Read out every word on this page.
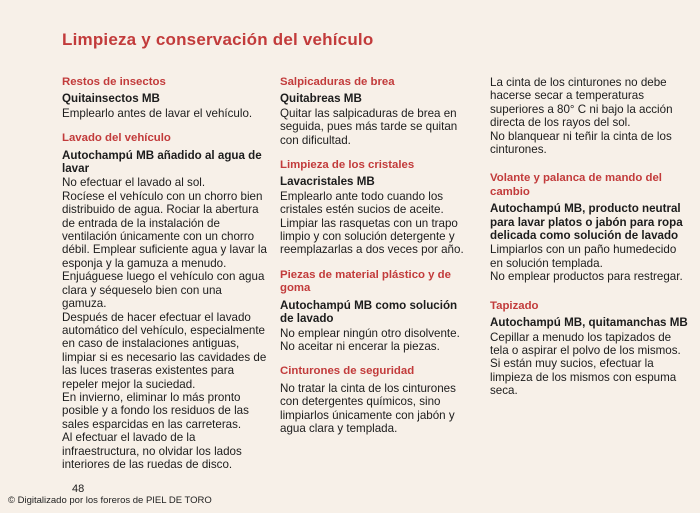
Limpieza y conservación del vehículo
Restos de insectos
Quitainsectos MB
Emplearlo antes de lavar el vehículo.
Lavado del vehículo
Autochampú MB añadido al agua de lavar
No efectuar el lavado al sol.
Rocíese el vehículo con un chorro bien distribuido de agua. Rociar la abertura de entrada de la instalación de ventilación únicamente con un chorro débil. Emplear suficiente agua y lavar la esponja y la gamuza a menudo. Enjuáguese luego el vehículo con agua clara y séqueselo bien con una gamuza.
Después de hacer efectuar el lavado automático del vehículo, especialmente en caso de instalaciones antiguas, limpiar si es necesario las cavidades de las luces traseras existentes para repeler mejor la suciedad.
En invierno, eliminar lo más pronto posible y a fondo los residuos de las sales esparcidas en las carreteras.
Al efectuar el lavado de la infraestructura, no olvidar los lados interiores de las ruedas de disco.
Salpicaduras de brea
Quitabreas MB
Quitar las salpicaduras de brea en seguida, pues más tarde se quitan con dificultad.
Limpieza de los cristales
Lavacristales MB
Emplearlo ante todo cuando los cristales estén sucios de aceite. Limpiar las rasquetas con un trapo limpio y con solución detergente y reemplazarlas a dos veces por año.
Piezas de material plástico y de goma
Autochampú MB como solución de lavado
No emplear ningún otro disolvente.
No aceitar ni encerar la piezas.
Cinturones de seguridad
No tratar la cinta de los cinturones con detergentes químicos, sino limpiarlos únicamente con jabón y agua clara y templada.
La cinta de los cinturones no debe hacerse secar a temperaturas superiores a 80° C ni bajo la acción directa de los rayos del sol.
No blanquear ni teñir la cinta de los cinturones.
Volante y palanca de mando del cambio
Autochampú MB, producto neutral para lavar platos o jabón para ropa delicada como solución de lavado
Limpiarlos con un paño humedecido en solución templada.
No emplear productos para restregar.
Tapizado
Autochampú MB, quitamanchas MB
Cepillar a menudo los tapizados de tela o aspirar el polvo de los mismos. Si están muy sucios, efectuar la limpieza de los mismos con espuma seca.
48
© Digitalizado por los foreros de PIEL DE TORO
